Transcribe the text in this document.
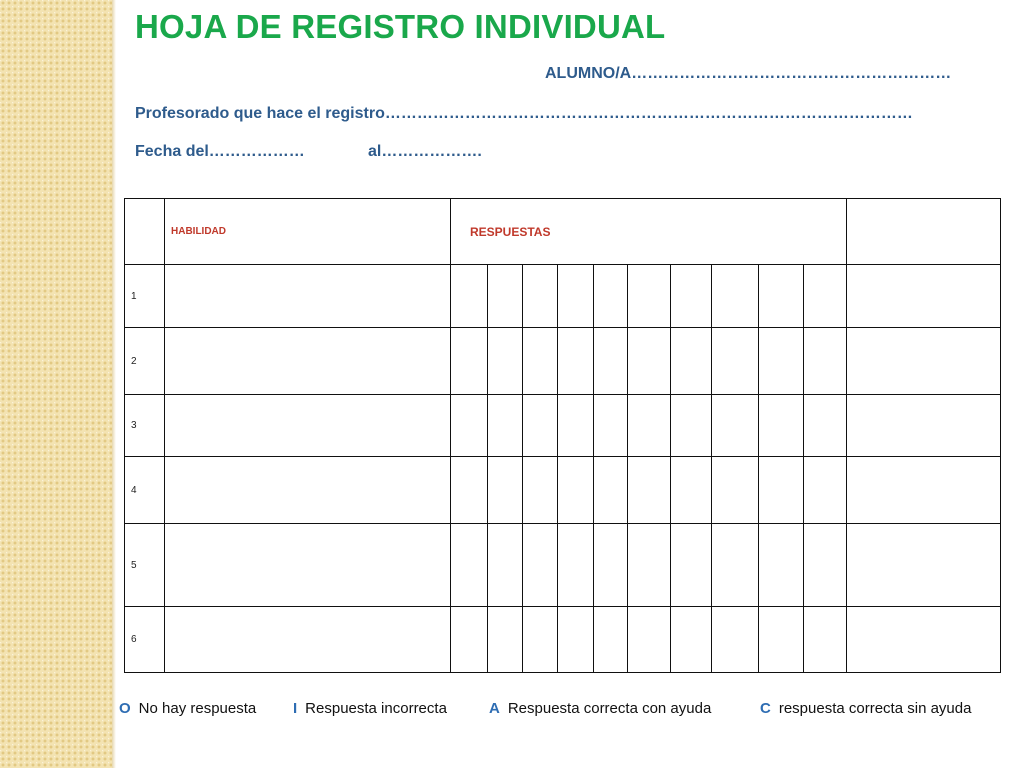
HOJA DE REGISTRO INDIVIDUAL
ALUMNO/A……………………………………………………
Profesorado que hace el registro………………………………………………………………………………………
Fecha del………………	al……………….
	HABILIDAD	RESPUESTAS										
1												
2												
3												
4												
5												
6												
O No hay respuesta I Respuesta incorrecta	A Respuesta correcta con ayuda	C respuesta correcta sin ayuda
